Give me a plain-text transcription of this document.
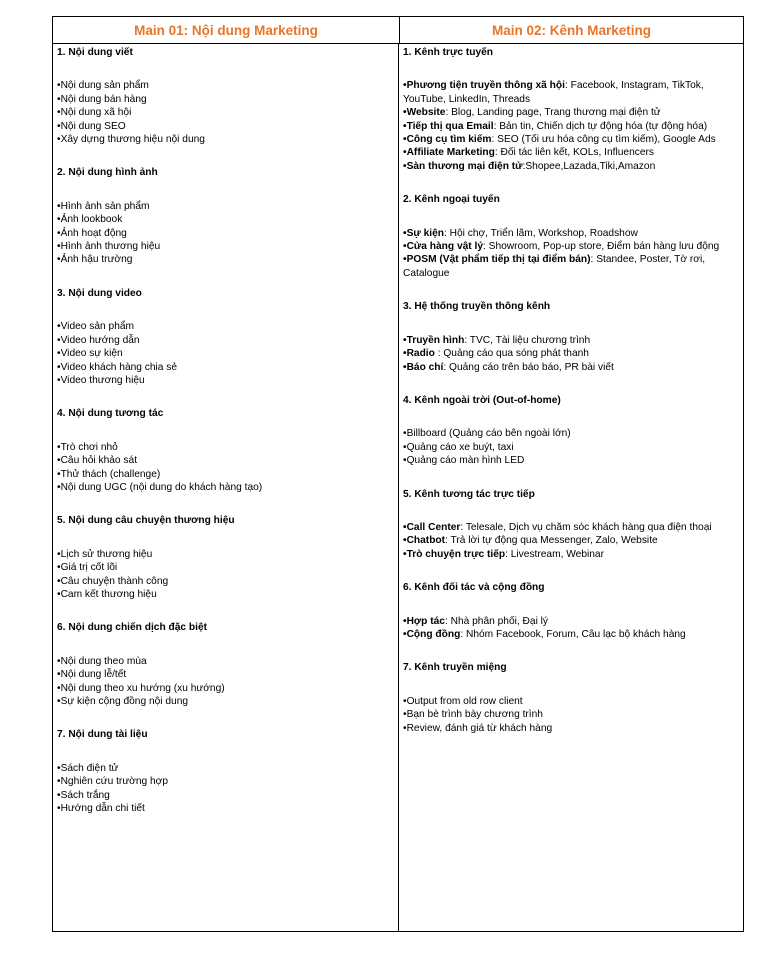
Main 01: Nội dung Marketing	Main 02: Kênh Marketing
1. Nội dung viết
•Nội dung sản phẩm
•Nội dung bán hàng
•Nội dung xã hội
•Nội dung SEO
•Xây dựng thương hiệu nội dung
2. Nội dung hình ảnh
•Hình ảnh sản phẩm
•Ảnh lookbook
•Ảnh hoạt động
•Hình ảnh thương hiệu
•Ảnh hậu trường
3. Nội dung video
•Video sản phẩm
•Video hướng dẫn
•Video sự kiện
•Video khách hàng chia sẻ
•Video thương hiệu
4. Nội dung tương tác
•Trò chơi nhỏ
•Câu hỏi khảo sát
•Thử thách (challenge)
•Nội dung UGC (nội dung do khách hàng tạo)
5. Nội dung câu chuyện thương hiệu
•Lịch sử thương hiệu
•Giá trị cốt lõi
•Câu chuyện thành công
•Cam kết thương hiệu
6. Nội dung chiến dịch đặc biệt
•Nội dung theo mùa
•Nội dung lễ/tết
•Nội dung theo xu hướng (xu hướng)
•Sự kiện cộng đồng nội dung
7. Nội dung tài liệu
•Sách điện tử
•Nghiên cứu trường hợp
•Sách trắng
•Hướng dẫn chi tiết
1. Kênh trực tuyến
•Phương tiện truyền thông xã hội: Facebook, Instagram, TikTok, YouTube, LinkedIn, Threads
•Website: Blog, Landing page, Trang thương mại điện tử
•Tiếp thị qua Email: Bản tin, Chiến dịch tự động hóa (tự động hóa)
•Công cụ tìm kiếm: SEO (Tối ưu hóa công cụ tìm kiếm), Google Ads
•Affiliate Marketing: Đối tác liên kết, KOLs, Influencers
•Sàn thương mại điện tử:Shopee,Lazada,Tiki,Amazon
2. Kênh ngoại tuyến
•Sự kiện: Hội chợ, Triển lãm, Workshop, Roadshow
•Cửa hàng vật lý: Showroom, Pop-up store, Điểm bán hàng lưu động
•POSM (Vật phẩm tiếp thị tại điểm bán): Standee, Poster, Tờ rơi, Catalogue
3. Hệ thống truyền thông kênh
•Truyền hình: TVC, Tài liệu chương trình
•Radio : Quảng cáo qua sóng phát thanh
•Báo chí: Quảng cáo trên báo báo, PR bài viết
4. Kênh ngoài trời (Out-of-home)
•Billboard (Quảng cáo bên ngoài lớn)
•Quảng cáo xe buýt, taxi
•Quảng cáo màn hình LED
5. Kênh tương tác trực tiếp
•Call Center: Telesale, Dịch vụ chăm sóc khách hàng qua điện thoại
•Chatbot: Trả lời tự động qua Messenger, Zalo, Website
•Trò chuyện trực tiếp: Livestream, Webinar
6. Kênh đối tác và cộng đồng
•Hợp tác: Nhà phân phối, Đại lý
•Cộng đồng: Nhóm Facebook, Forum, Câu lạc bộ khách hàng
7. Kênh truyền miệng
•Output from old row client
•Bạn bè trình bày chương trình
•Review, đánh giá từ khách hàng
